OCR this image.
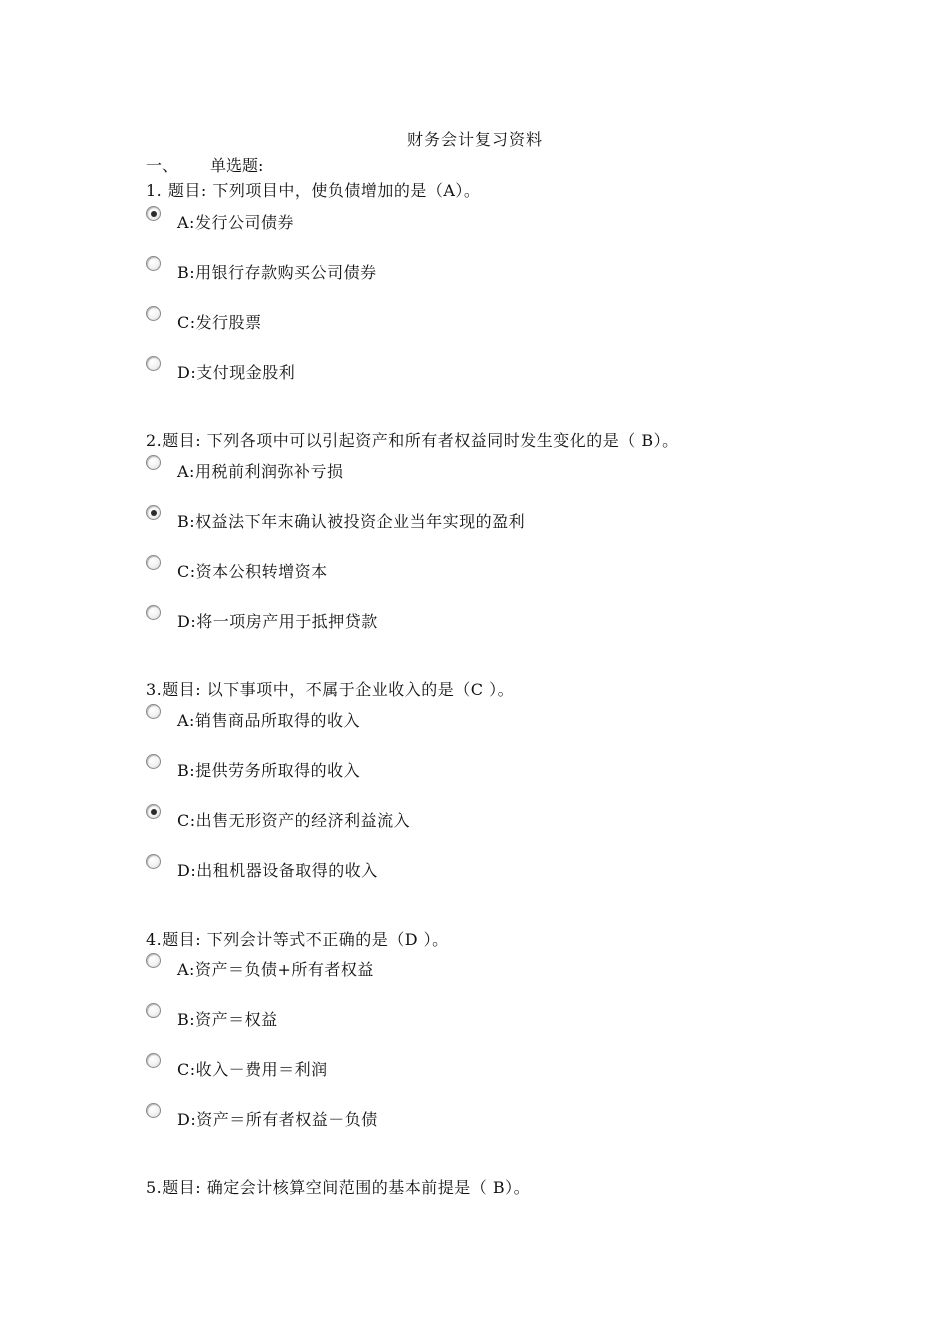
财务会计复习资料
一、 单选题:
1. 题目: 下列项目中，使负债增加的是（A）。
A:发行公司债券
B:用银行存款购买公司债券
C:发行股票
D:支付现金股利
2.题目: 下列各项中可以引起资产和所有者权益同时发生变化的是（ B）。
A:用税前利润弥补亏损
B:权益法下年末确认被投资企业当年实现的盈利
C:资本公积转增资本
D:将一项房产用于抵押贷款
3.题目: 以下事项中，不属于企业收入的是（C ）。
A:销售商品所取得的收入
B:提供劳务所取得的收入
C:出售无形资产的经济利益流入
D:出租机器设备取得的收入
4.题目: 下列会计等式不正确的是（D ）。
A:资产＝负债+所有者权益
B:资产＝权益
C:收入－费用＝利润
D:资产＝所有者权益－负债
5.题目: 确定会计核算空间范围的基本前提是（ B）。
